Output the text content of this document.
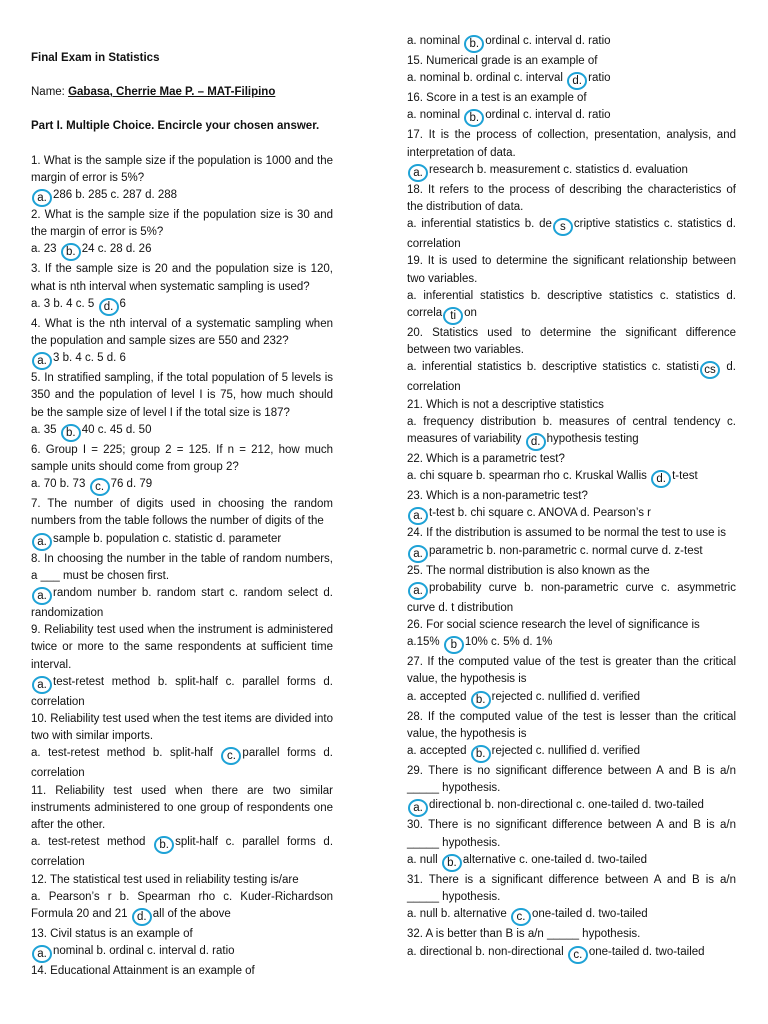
Final Exam in Statistics

Name: Gabasa, Cherrie Mae P. – MAT-Filipino

Part I. Multiple Choice. Encircle your chosen answer.

1. What is the sample size if the population is 1000 and the margin of error is 5%?

a. 286 b. 285 c. 287 d. 288

2. What is the sample size if the population size is 30 and the margin of error is 5%?

a. 23 b. 24 c. 28 d. 26

3. If the sample size is 20 and the population size is 120, what is nth interval when systematic sampling is used?

a. 3 b. 4 c. 5 d. 6

4. What is the nth interval of a systematic sampling when the population and sample sizes are 550 and 232?

a. 3 b. 4 c. 5 d. 6

5. In stratified sampling, if the total population of 5 levels is 350 and the population of level I is 75, how much should be the sample size of level I if the total size is 187?

a. 35 b. 40 c. 45 d. 50

6. Group I = 225; group 2 = 125. If n = 212, how much sample units should come from group 2?

a. 70 b. 73 c. 76 d. 79

7. The number of digits used in choosing the random numbers from the table follows the number of digits of the

a. sample b. population c. statistic d. parameter

8. In choosing the number in the table of random numbers, a ___ must be chosen first.

a. random number b. random start c. random select d. randomization

9. Reliability test used when the instrument is administered twice or more to the same respondents at sufficient time interval.

a. test-retest method b. split-half c. parallel forms d. correlation

10. Reliability test used when the test items are divided into two with similar imports.

a. test-retest method b. split-half c. parallel forms d. correlation

11. Reliability test used when there are two similar instruments administered to one group of respondents one after the other.

a. test-retest method b. split-half c. parallel forms d. correlation

12. The statistical test used in reliability testing is/are

a. Pearson’s r b. Spearman rho c. Kuder-Richardson Formula 20 and 21 d. all of the above

13. Civil status is an example of

a. nominal b. ordinal c. interval d. ratio

14. Educational Attainment is an example of

a. nominal b. ordinal c. interval d. ratio

15. Numerical grade is an example of

a. nominal b. ordinal c. interval d. ratio

16. Score in a test is an example of

a. nominal b. ordinal c. interval d. ratio

17. It is the process of collection, presentation, analysis, and interpretation of data.

a. research b. measurement c. statistics d. evaluation

18. It refers to the process of describing the characteristics of the distribution of data.

a. inferential statistics b. de s criptive statistics c. statistics d. correlation

19. It is used to determine the significant relationship between two variables.

a. inferential statistics b. descriptive statistics c. statistics d. correla ti on

20. Statistics used to determine the significant difference between two variables.

a. inferential statistics b. descriptive statistics c. statisti cs d. correlation

21. Which is not a descriptive statistics

a. frequency distribution b. measures of central tendency c. measures of variability d. hypothesis testing

22. Which is a parametric test?

a. chi square b. spearman rho c. Kruskal Wallis d. t-test

23. Which is a non-parametric test?

a. t-test b. chi square c. ANOVA d. Pearson’s r

24. If the distribution is assumed to be normal the test to use is

a. parametric b. non-parametric c. normal curve d. z-test

25. The normal distribution is also known as the

a. probability curve b. non-parametric curve c. asymmetric curve d. t distribution

26. For social science research the level of significance is

a.15% b 10% c. 5% d. 1%

27. If the computed value of the test is greater than the critical value, the hypothesis is

a. accepted b. rejected c. nullified d. verified

28. If the computed value of the test is lesser than the critical value, the hypothesis is

a. accepted b. rejected c. nullified d. verified

29. There is no significant difference between A and B is a/n _____ hypothesis.

a. directional b. non-directional c. one-tailed d. two-tailed

30. There is no significant difference between A and B is a/n _____ hypothesis.

a. null b. alternative c. one-tailed d. two-tailed

31. There is a significant difference between A and B is a/n _____ hypothesis.

a. null b. alternative c. one-tailed d. two-tailed

32. A is better than B is a/n _____ hypothesis.

a. directional b. non-directional c. one-tailed d. two-tailed
